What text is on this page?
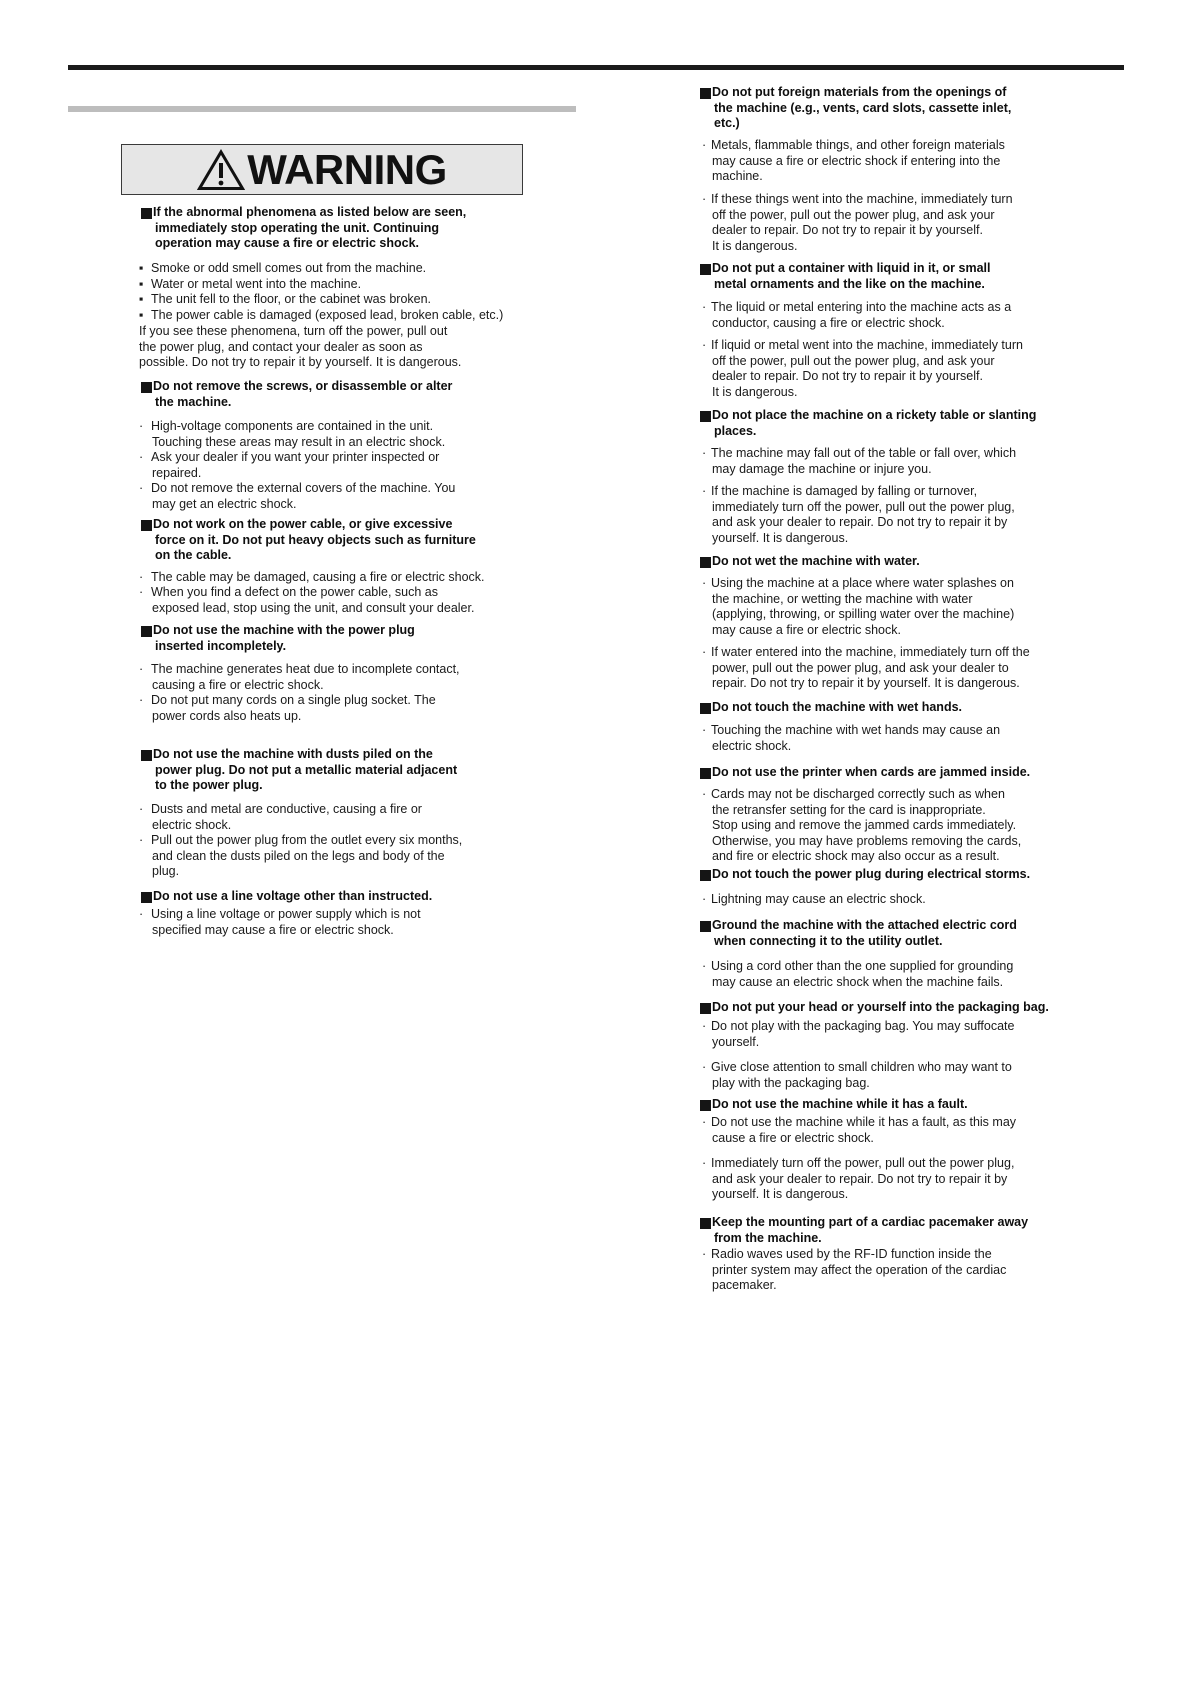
WARNING
If the abnormal phenomena as listed below are seen,
immediately stop operating the unit. Continuing
operation may cause a fire or electric shock.
▪ Smoke or odd smell comes out from the machine.
▪ Water or metal went into the machine.
▪ The unit fell to the floor, or the cabinet was broken.
▪ The power cable is damaged (exposed lead, broken cable, etc.)
If you see these phenomena, turn off the power, pull out
the power plug, and contact your dealer as soon as
possible. Do not try to repair it by yourself. It is dangerous.
Do not remove the screws, or disassemble or alter
the machine.
· High-voltage components are contained in the unit.
Touching these areas may result in an electric shock.
· Ask your dealer if you want your printer inspected or
repaired.
· Do not remove the external covers of the machine. You
may get an electric shock.
Do not work on the power cable, or give excessive
force on it. Do not put heavy objects such as furniture
on the cable.
· The cable may be damaged, causing a fire or electric shock.
· When you find a defect on the power cable, such as
exposed lead, stop using the unit, and consult your dealer.
Do not use the machine with the power plug
inserted incompletely.
· The machine generates heat due to incomplete contact,
causing a fire or electric shock.
· Do not put many cords on a single plug socket. The
power cords also heats up.
Do not use the machine with dusts piled on the
power plug. Do not put a metallic material adjacent
to the power plug.
· Dusts and metal are conductive, causing a fire or
electric shock.
· Pull out the power plug from the outlet every six months,
and clean the dusts piled on the legs and body of the
plug.
Do not use a line voltage other than instructed.
· Using a line voltage or power supply which is not
specified may cause a fire or electric shock.
Do not put foreign materials from the openings of
the machine (e.g., vents, card slots, cassette inlet,
etc.)
· Metals, flammable things, and other foreign materials
may cause a fire or electric shock if entering into the
machine.
· If these things went into the machine, immediately turn
off the power, pull out the power plug, and ask your
dealer to repair. Do not try to repair it by yourself.
It is dangerous.
Do not put a container with liquid in it, or small
metal ornaments and the like on the machine.
· The liquid or metal entering into the machine acts as a
conductor, causing a fire or electric shock.
· If liquid or metal went into the machine, immediately turn
off the power, pull out the power plug, and ask your
dealer to repair. Do not try to repair it by yourself.
It is dangerous.
Do not place the machine on a rickety table or slanting
places.
· The machine may fall out of the table or fall over, which
may damage the machine or injure you.
· If the machine is damaged by falling or turnover,
immediately turn off the power, pull out the power plug,
and ask your dealer to repair. Do not try to repair it by
yourself. It is dangerous.
Do not wet the machine with water.
· Using the machine at a place where water splashes on
the machine, or wetting the machine with water
(applying, throwing, or spilling water over the machine)
may cause a fire or electric shock.
· If water entered into the machine, immediately turn off the
power, pull out the power plug, and ask your dealer to
repair. Do not try to repair it by yourself. It is dangerous.
Do not touch the machine with wet hands.
· Touching the machine with wet hands may cause an
electric shock.
Do not use the printer when cards are jammed inside.
· Cards may not be discharged correctly such as when
the retransfer setting for the card is inappropriate.
Stop using and remove the jammed cards immediately.
Otherwise, you may have problems removing the cards,
and fire or electric shock may also occur as a result.
Do not touch the power plug during electrical storms.
· Lightning may cause an electric shock.
Ground the machine with the attached electric cord
when connecting it to the utility outlet.
· Using a cord other than the one supplied for grounding
may cause an electric shock when the machine fails.
Do not put your head or yourself into the packaging bag.
· Do not play with the packaging bag. You may suffocate
yourself.
· Give close attention to small children who may want to
play with the packaging bag.
Do not use the machine while it has a fault.
· Do not use the machine while it has a fault, as this may
cause a fire or electric shock.
· Immediately turn off the power, pull out the power plug,
and ask your dealer to repair. Do not try to repair it by
yourself. It is dangerous.
Keep the mounting part of a cardiac pacemaker away
from the machine.
· Radio waves used by the RF-ID function inside the
printer system may affect the operation of the cardiac
pacemaker.
